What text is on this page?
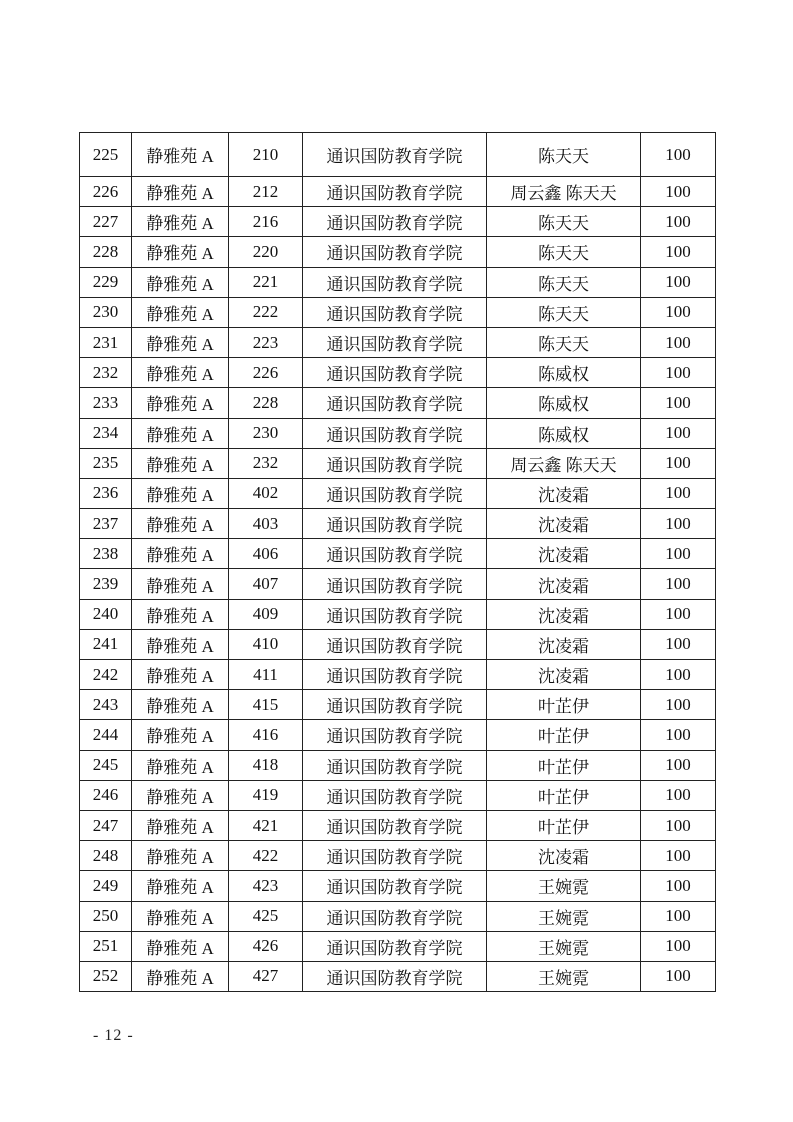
225	静雅苑 A	210	通识国防教育学院	陈天天	100
226	静雅苑 A	212	通识国防教育学院	周云鑫 陈天天	100
227	静雅苑 A	216	通识国防教育学院	陈天天	100
228	静雅苑 A	220	通识国防教育学院	陈天天	100
229	静雅苑 A	221	通识国防教育学院	陈天天	100
230	静雅苑 A	222	通识国防教育学院	陈天天	100
231	静雅苑 A	223	通识国防教育学院	陈天天	100
232	静雅苑 A	226	通识国防教育学院	陈威权	100
233	静雅苑 A	228	通识国防教育学院	陈威权	100
234	静雅苑 A	230	通识国防教育学院	陈威权	100
235	静雅苑 A	232	通识国防教育学院	周云鑫 陈天天	100
236	静雅苑 A	402	通识国防教育学院	沈凌霜	100
237	静雅苑 A	403	通识国防教育学院	沈凌霜	100
238	静雅苑 A	406	通识国防教育学院	沈凌霜	100
239	静雅苑 A	407	通识国防教育学院	沈凌霜	100
240	静雅苑 A	409	通识国防教育学院	沈凌霜	100
241	静雅苑 A	410	通识国防教育学院	沈凌霜	100
242	静雅苑 A	411	通识国防教育学院	沈凌霜	100
243	静雅苑 A	415	通识国防教育学院	叶芷伊	100
244	静雅苑 A	416	通识国防教育学院	叶芷伊	100
245	静雅苑 A	418	通识国防教育学院	叶芷伊	100
246	静雅苑 A	419	通识国防教育学院	叶芷伊	100
247	静雅苑 A	421	通识国防教育学院	叶芷伊	100
248	静雅苑 A	422	通识国防教育学院	沈凌霜	100
249	静雅苑 A	423	通识国防教育学院	王婉霓	100
250	静雅苑 A	425	通识国防教育学院	王婉霓	100
251	静雅苑 A	426	通识国防教育学院	王婉霓	100
252	静雅苑 A	427	通识国防教育学院	王婉霓	100
- 12 -
